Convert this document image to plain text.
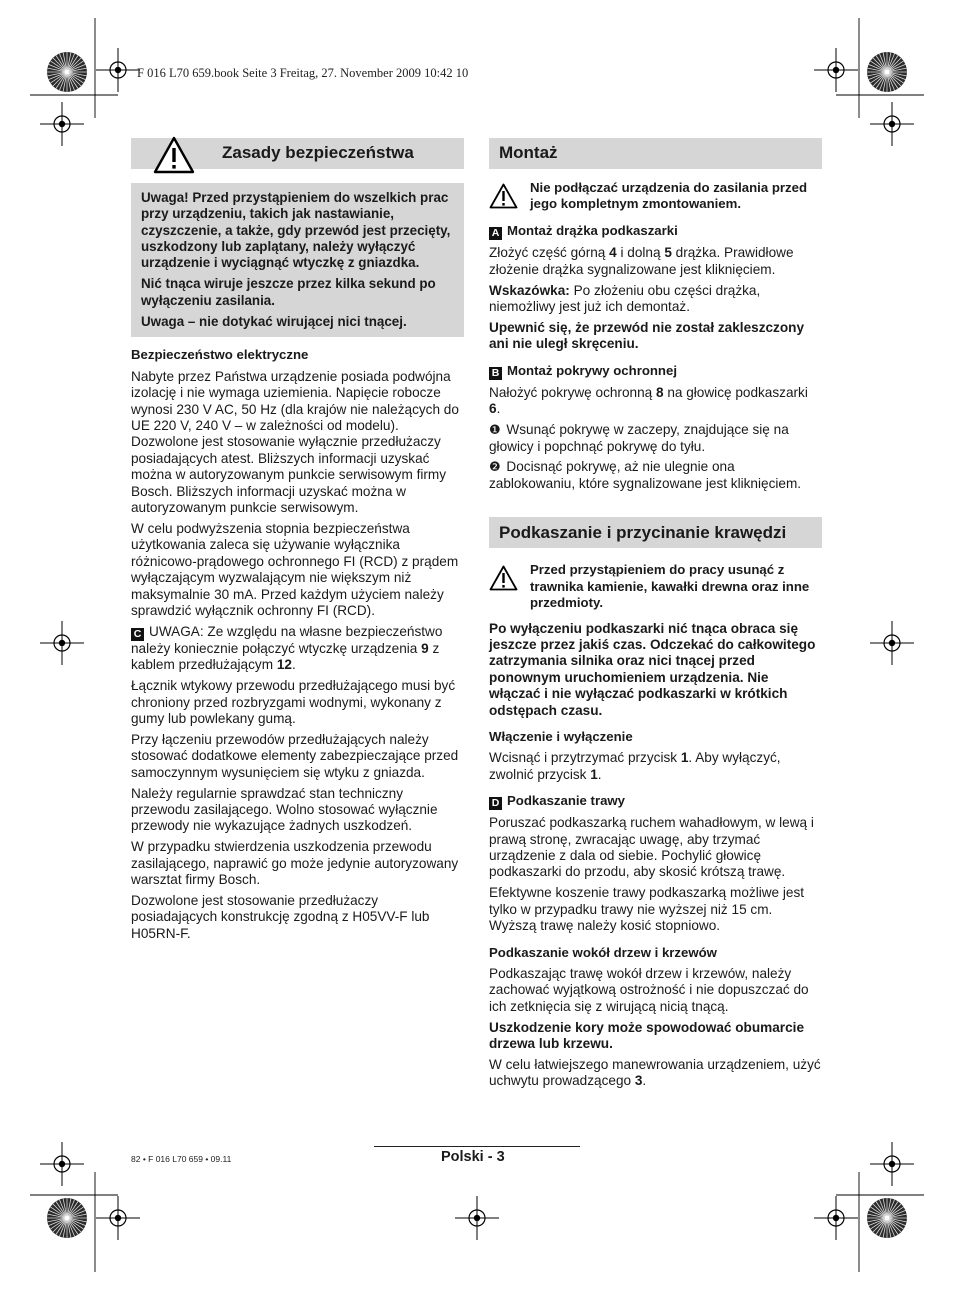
F 016 L70 659.book Seite 3 Freitag, 27. November 2009 10:42 10
Zasady bezpieczeństwa

Uwaga! Przed przystąpieniem do wszelkich prac przy urządzeniu, takich jak nastawianie, czyszczenie, a także, gdy przewód jest przecięty, uszkodzony lub zaplątany, należy wyłączyć urządzenie i wyciągnąć wtyczkę z gniazdka.

Nić tnąca wiruje jeszcze przez kilka sekund po wyłączeniu zasilania.

Uwaga – nie dotykać wirującej nici tnącej.

Bezpieczeństwo elektryczne

Nabyte przez Państwa urządzenie posiada podwójna izolację i nie wymaga uziemienia. Napięcie robocze wynosi 230 V AC, 50 Hz (dla krajów nie należących do UE 220 V, 240 V – w zależności od modelu). Dozwolone jest stosowanie wyłącznie przedłużaczy posiadających atest. Bliższych informacji uzyskać można w autoryzowanym punkcie serwisowym firmy Bosch. Bliższych informacji uzyskać można w autoryzowanym punkcie serwisowym.

W celu podwyższenia stopnia bezpieczeństwa użytkowania zaleca się używanie wyłącznika różnicowo-prądowego ochronnego FI (RCD) z prądem wyłączającym wyzwalającym nie większym niż maksymalnie 30 mA. Przed każdym użyciem należy sprawdzić wyłącznik ochronny FI (RCD).

C UWAGA: Ze względu na własne bezpieczeństwo należy koniecznie połączyć wtyczkę urządzenia 9 z kablem przedłużającym 12.

Łącznik wtykowy przewodu przedłużającego musi być chroniony przed rozbryzgami wodnymi, wykonany z gumy lub powlekany gumą.

Przy łączeniu przewodów przedłużających należy stosować dodatkowe elementy zabezpieczające przed samoczynnym wysunięciem się wtyku z gniazda.

Należy regularnie sprawdzać stan techniczny przewodu zasilającego. Wolno stosować wyłącznie przewody nie wykazujące żadnych uszkodzeń.

W przypadku stwierdzenia uszkodzenia przewodu zasilającego, naprawić go może jedynie autoryzowany warsztat firmy Bosch.

Dozwolone jest stosowanie przedłużaczy posiadających konstrukcję zgodną z H05VV-F lub H05RN-F.

Montaż
Nie podłączać urządzenia do zasilania przed jego kompletnym zmontowaniem.
A Montaż drążka podkaszarki

Złożyć część górną 4 i dolną 5 drążka. Prawidłowe złożenie drążka sygnalizowane jest kliknięciem.

Wskazówka: Po złożeniu obu części drążka, niemożliwy jest już ich demontaż.

Upewnić się, że przewód nie został zakleszczony ani nie uległ skręceniu.

B Montaż pokrywy ochronnej

Nałożyć pokrywę ochronną 8 na głowicę podkaszarki 6.

❶ Wsunąć pokrywę w zaczepy, znajdujące się na głowicy i popchnąć pokrywę do tyłu.

❷ Docisnąć pokrywę, aż nie ulegnie ona zablokowaniu, które sygnalizowane jest kliknięciem.

Podkaszanie i przycinanie krawędzi
Przed przystąpieniem do pracy usunąć z trawnika kamienie, kawałki drewna oraz inne przedmioty.

Po wyłączeniu podkaszarki nić tnąca obraca się jeszcze przez jakiś czas. Odczekać do całkowitego zatrzymania silnika oraz nici tnącej przed ponownym uruchomieniem urządzenia. Nie włączać i nie wyłączać podkaszarki w krótkich odstępach czasu.

Włączenie i wyłączenie

Wcisnąć i przytrzymać przycisk 1. Aby wyłączyć, zwolnić przycisk 1.

D Podkaszanie trawy

Poruszać podkaszarką ruchem wahadłowym, w lewą i prawą stronę, zwracając uwagę, aby trzymać urządzenie z dala od siebie. Pochylić głowicę podkaszarki do przodu, aby skosić krótszą trawę.

Efektywne koszenie trawy podkaszarką możliwe jest tylko w przypadku trawy nie wyższej niż 15 cm. Wyższą trawę należy kosić stopniowo.

Podkaszanie wokół drzew i krzewów

Podkaszając trawę wokół drzew i krzewów, należy zachować wyjątkową ostrożność i nie dopuszczać do ich zetknięcia się z wirującą nicią tnącą.

Uszkodzenie kory może spowodować obumarcie drzewa lub krzewu.

W celu łatwiejszego manewrowania urządzeniem, użyć uchwytu prowadzącego 3.

Polski - 3
82 • F 016 L70 659 • 09.11
